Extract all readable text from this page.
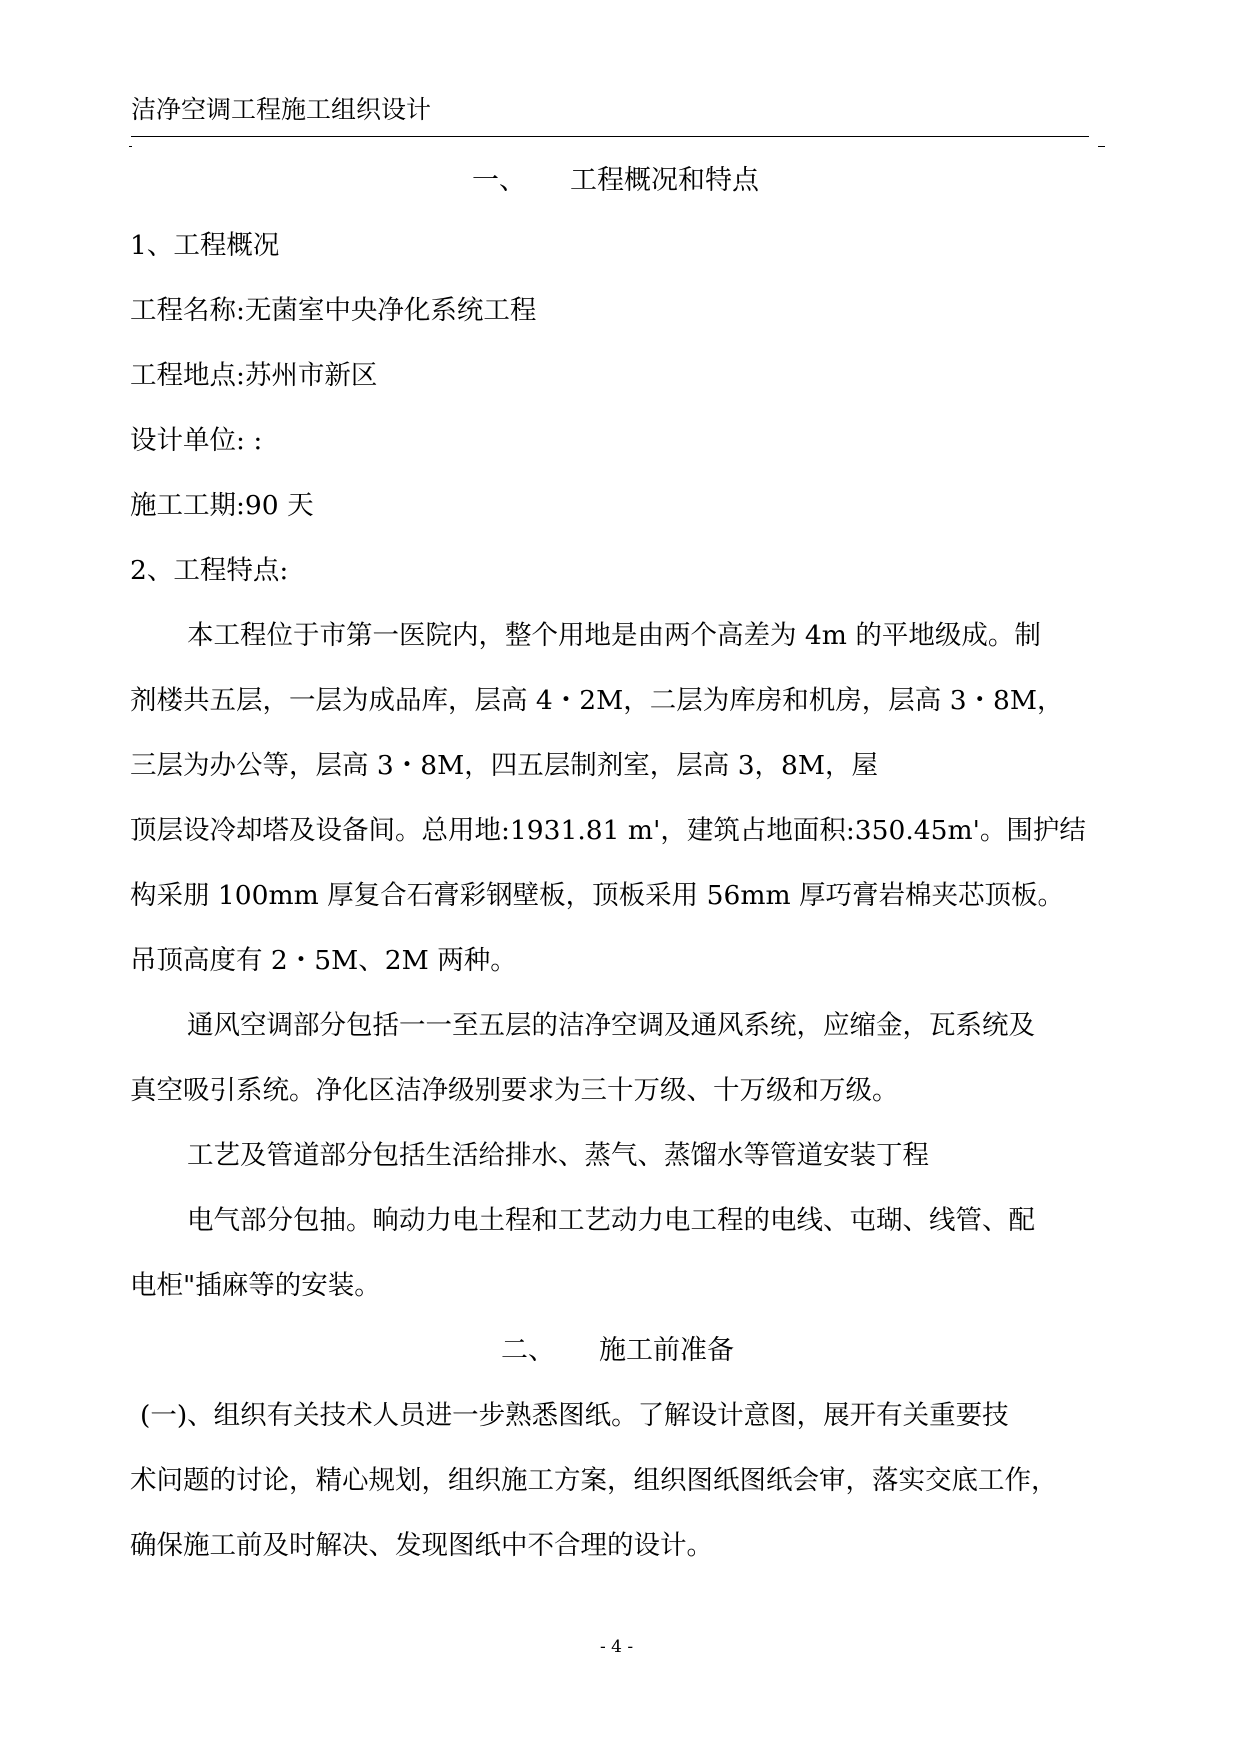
洁净空调工程施工组织设计
一、 工程概况和特点
1、工程概况
工程名称:无菌室中央净化系统工程
工程地点:苏州市新区
设计单位: :
施工工期:90 天
2、工程特点:
本工程位于市第一医院内，整个用地是由两个高差为 4m 的平地级成。制
剂楼共五层，一层为成品库，层高 4・2M，二层为库房和机房，层高 3・8M，
三层为办公等，层高 3・8M，四五层制剂室，层高 3，8M，屋
顶层设冷却塔及设备间。总用地:1931.81 m'，建筑占地面积:350.45m'。围护结
构采朋 100mm 厚复合石膏彩钢壁板，顶板采用 56mm 厚巧膏岩棉夹芯顶板。
吊顶高度有 2・5M、2M 两种。
通风空调部分包括一一至五层的洁净空调及通风系统，应缩金，瓦系统及
真空吸引系统。净化区洁净级别要求为三十万级、十万级和万级。
工艺及管道部分包括生活给排水、蒸气、蒸馏水等管道安装丁程
电气部分包抽。晌动力电土程和工艺动力电工程的电线、屯瑚、线管、配
电柜"插麻等的安装。
二、 施工前准备
(一)、组织有关技术人员进一步熟悉图纸。了解设计意图，展开有关重要技
术问题的讨论，精心规划，组织施工方案，组织图纸图纸会审，落实交底工作，
确保施工前及时解决、发现图纸中不合理的设计。
- 4 -
